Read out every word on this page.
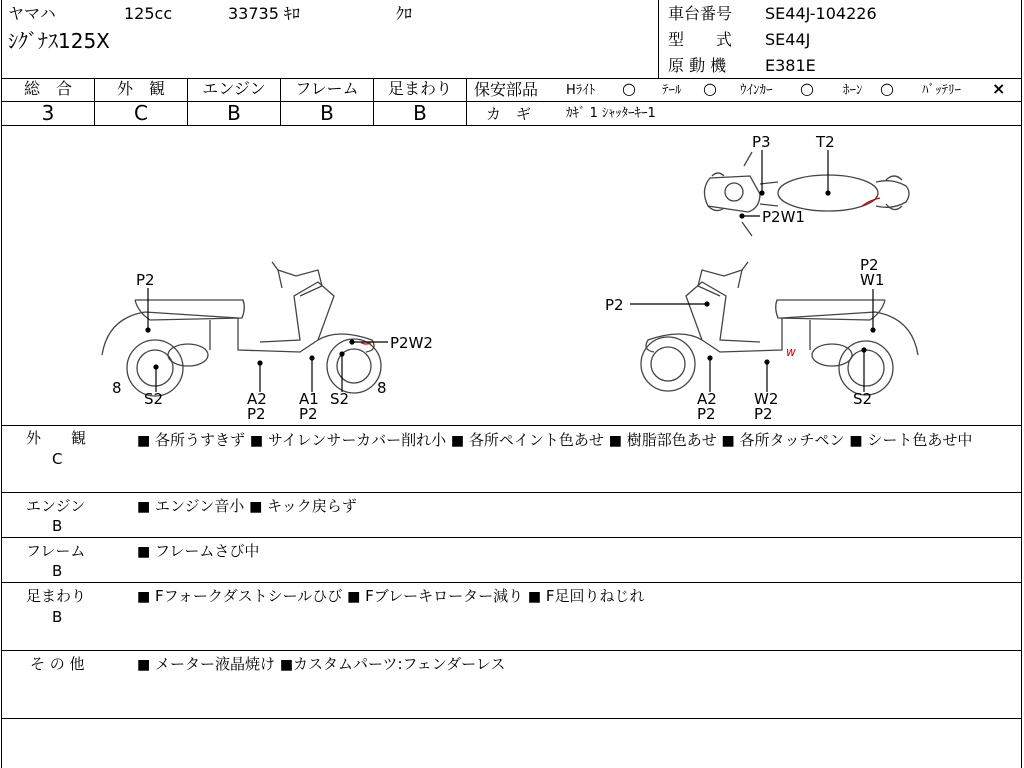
ヤマハ	125cc	33735 ｷﾛ	ｸﾛ
ｼｸﾞﾅｽ125X
車台番号 SE44J-104226
型　　式 SE44J
原 動 機 E381E
総　合
3
外　観
C
エンジン
B
フレーム
B
足まわり
B
保安部品 Hﾗｲﾄ ○ ﾃｰﾙ ○ ｳｲﾝｶｰ ○ ﾎｰﾝ ○ ﾊﾞｯﾃﾘｰ ×
カ　ギ	ｶｷﾞ 1 ｼｬｯﾀｰｷｰ1
w
P3	T2
P2W1
P2
P2W2
8
S2	A2
P2
A1
P2
S2
8
P2
P2
W1
A2
P2
W2
P2
S2
外　　観
C
■ 各所うすきず ■ サイレンサーカバー削れ小 ■ 各所ペイント色あせ ■ 樹脂部色あせ ■ 各所タッチペン ■ シート色あせ中
エンジン
B
■ エンジン音小 ■ キック戻らず
フレーム
B
■ フレームさび中
足まわり
B
■ Fフォークダストシールひび ■ Fブレーキローター減り ■ F足回りねじれ
そ の 他	■ メーター液晶焼け ■カスタムパーツ:フェンダーレス
